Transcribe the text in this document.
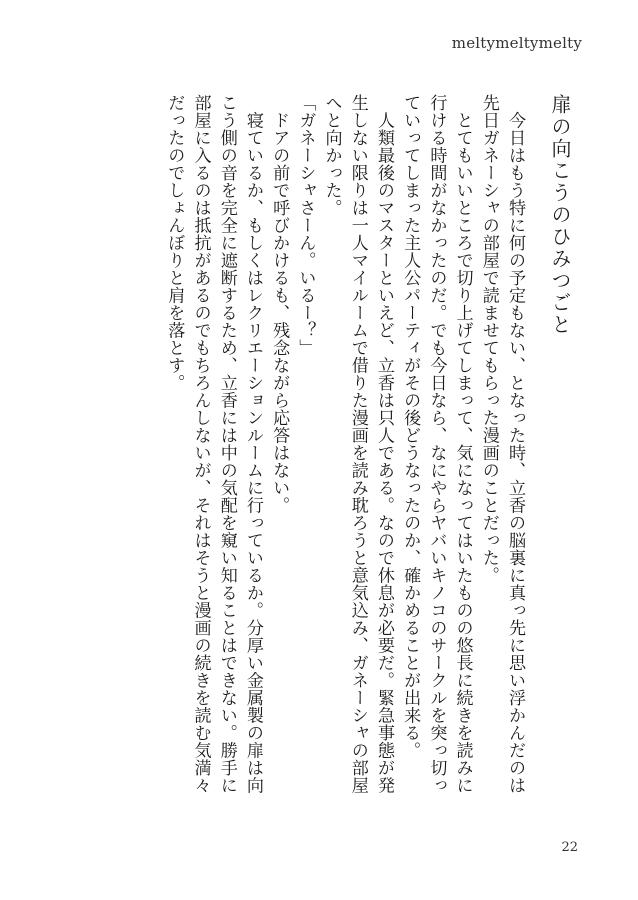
meltymeltymelty
扉の向こうのひみつごと

　今日はもう特に何の予定もない、となった時、立香の脳裏に真っ先に思い浮かんだのは先日ガネーシャの部屋で読ませてもらった漫画のことだった。

　とてもいいところで切り上げてしまって、気になってはいたものの悠長に続きを読みに行ける時間がなかったのだ。でも今日なら、なにやらヤバいキノコのサークルを突っ切っていってしまった主人公パーティがその後どうなったのか、確かめることが出来る。

　人類最後のマスターといえど、立香は只人である。なので休息が必要だ。緊急事態が発生しない限りは一人マイルームで借りた漫画を読み耽ろうと意気込み、ガネーシャの部屋へと向かった。

「ガネーシャさーん。いるー？」

　ドアの前で呼びかけるも、残念ながら応答はない。

　寝ているか、もしくはレクリエーションルームに行っているか。分厚い金属製の扉は向こう側の音を完全に遮断するため、立香には中の気配を窺い知ることはできない。勝手に部屋に入るのは抵抗があるのでもちろんしないが、それはそうと漫画の続きを読む気満々だったのでしょんぼりと肩を落とす。

22
